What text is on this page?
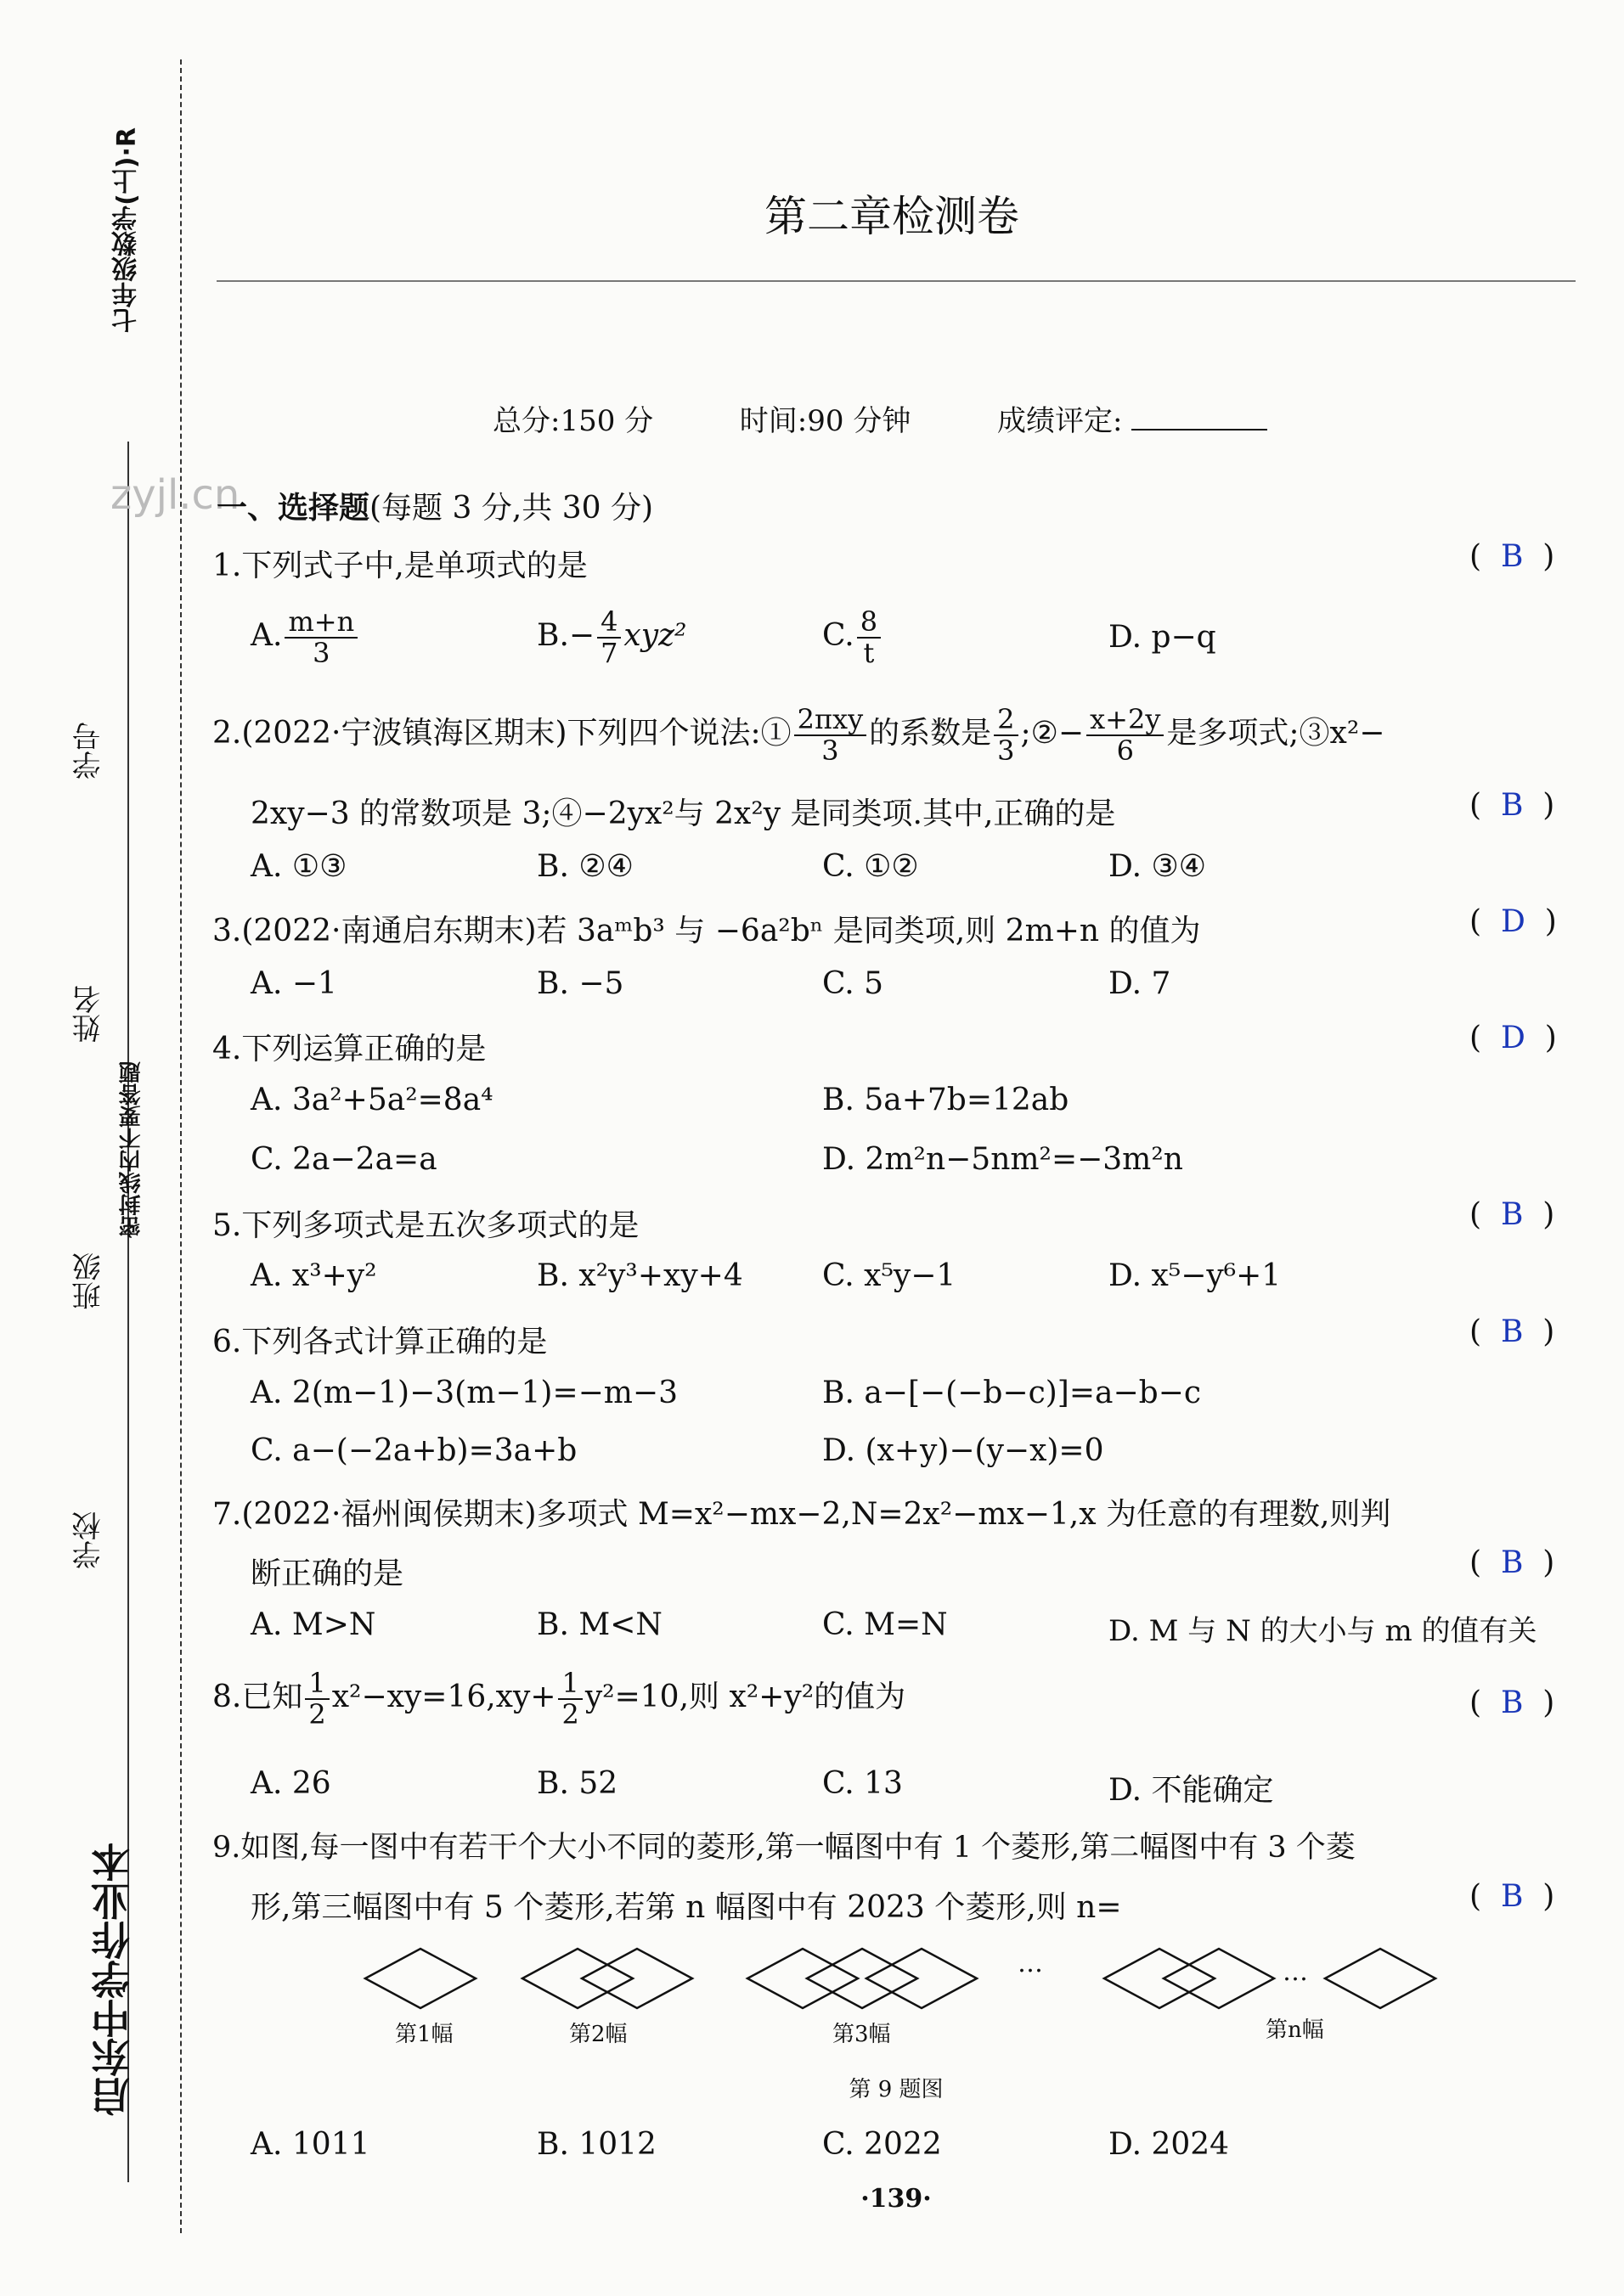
七年级数学(上)·R
学号
姓名
密封线内不要答题
班级
学校
启东中学作业本
第二章检测卷
总分:150 分	时间:90 分钟	成绩评定:
zyjl.cn
一、选择题(每题 3 分,共 30 分)
1.下列式子中,是单项式的是	( B )
A. $\frac{m+n}{3}$	$B.- \frac{4}{7} xyz^2$	C. $\frac{8}{t}$	D. p−q
2.(2022·宁波镇海区期末)下列四个说法:① $\frac{\text{2πxy}}{3}$ 的系数是 $\frac{2}{3}$ ;②− $\frac{x+2y}{6}$ 是多项式;③x²−
2xy−3 的常数项是 3;④−2yx²与 2x²y 是同类项.其中,正确的是	( B )
A. ①③	B. ②④	C. ①②	D. ③④
3.(2022·南通启东期末)若 3aᵐb³ 与 −6a²bⁿ 是同类项,则 2m+n 的值为	( D )
A. −1	B. −5	C. 5	D. 7
4.下列运算正确的是	( D )
A. 3a²+5a²=8a⁴	B. 5a+7b=12ab
C. 2a−2a=a	D. 2m²n−5nm²=−3m²n
5.下列多项式是五次多项式的是	( B )
A. x³+y²	B. x²y³+xy+4	C. x⁵y−1	D. x⁵−y⁶+1
6.下列各式计算正确的是	( B )
A. 2(m−1)−3(m−1)=−m−3	B. a−[−(−b−c)]=a−b−c
C. a−(−2a+b)=3a+b	D. (x+y)−(y−x)=0
7.(2022·福州闽侯期末)多项式 M=x²−mx−2,N=2x²−mx−1,x 为任意的有理数,则判
断正确的是	( B )
A. M>N	B. M<N	C. M=N	D. M 与 N 的大小与 m 的值有关
8.已知 $\frac{1}{2} x^2-xy=16,xy+ \frac{1}{2} y^2=10$,则 x²+y²的值为	( B )
A. 26	B. 52	C. 13	D. 不能确定
9.如图,每一图中有若干个大小不同的菱形,第一幅图中有 1 个菱形,第二幅图中有 3 个菱
形,第三幅图中有 5 个菱形,若第 n 幅图中有 2023 个菱形,则 n=	( B )
…	…
第1幅	第2幅	第3幅	第n幅
第 9 题图
A. 1011	B. 1012	C. 2022	D. 2024
·139·
